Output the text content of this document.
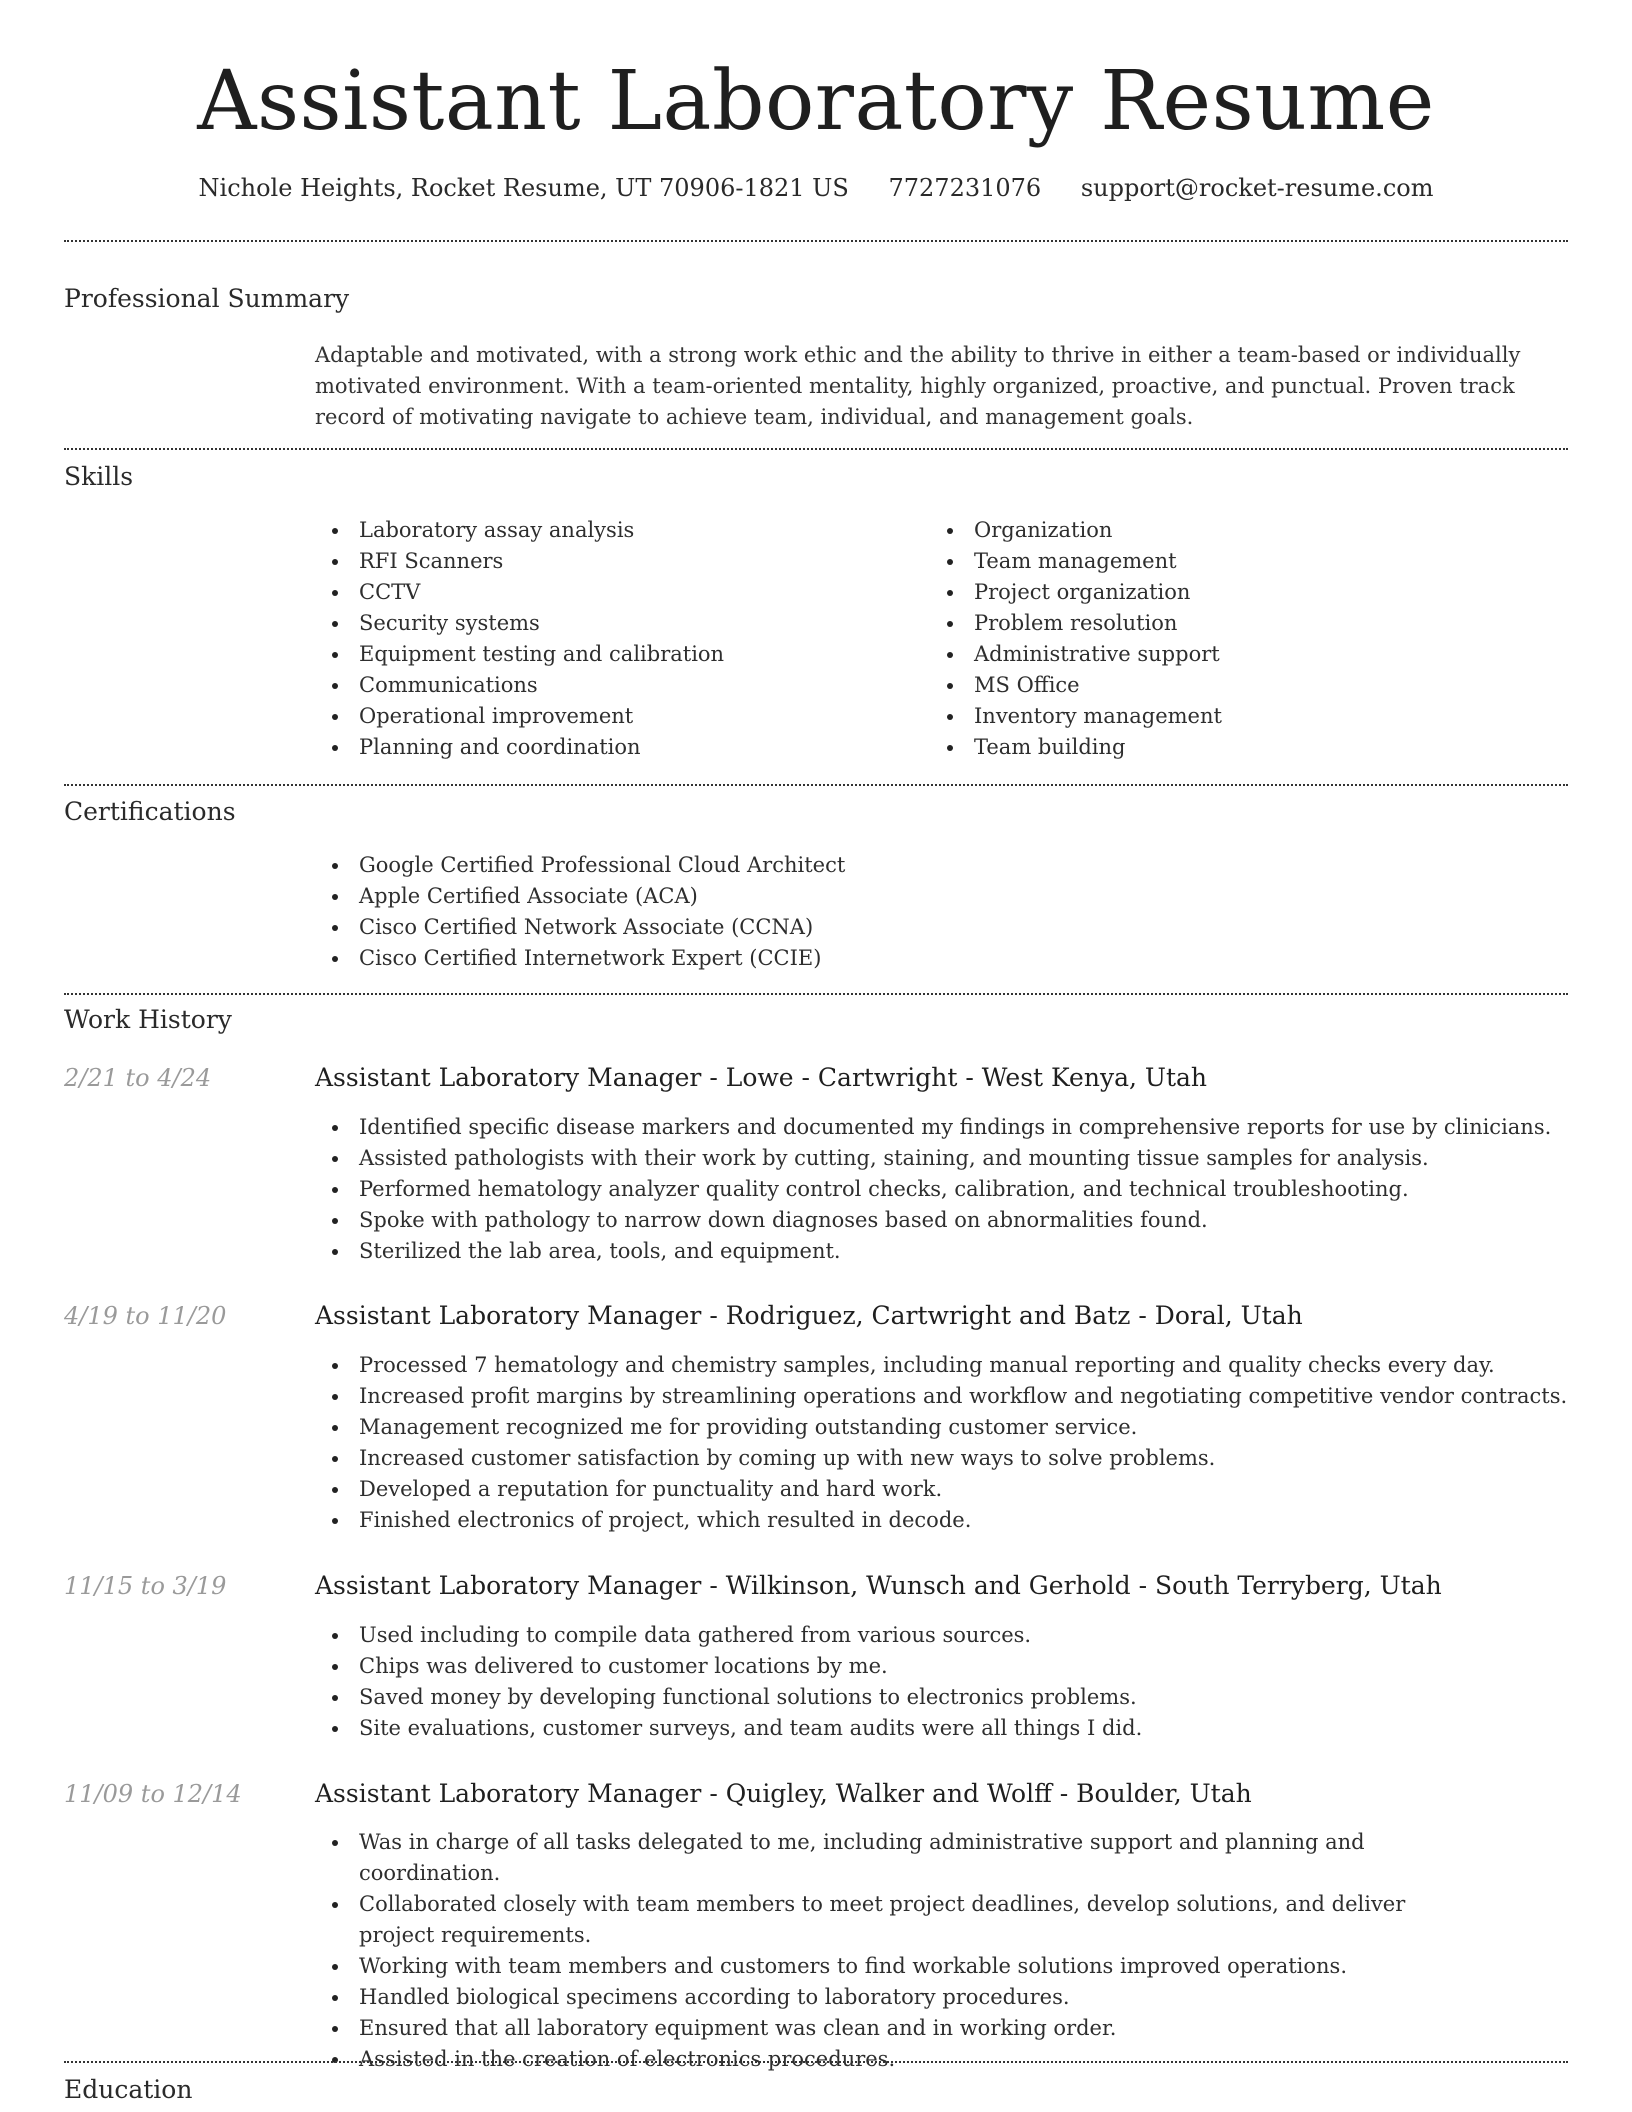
Assistant Laboratory Resume
Nichole Heights, Rocket Resume, UT 70906-1821 US 7727231076 support@rocket-resume.com
Professional Summary
Adaptable and motivated, with a strong work ethic and the ability to thrive in either a team-based or individually motivated environment. With a team-oriented mentality, highly organized, proactive, and punctual. Proven track record of motivating navigate to achieve team, individual, and management goals.
Skills
Laboratory assay analysis
RFI Scanners
CCTV
Security systems
Equipment testing and calibration
Communications
Operational improvement
Planning and coordination
Organization
Team management
Project organization
Problem resolution
Administrative support
MS Office
Inventory management
Team building
Certifications
Google Certified Professional Cloud Architect
Apple Certified Associate (ACA)
Cisco Certified Network Associate (CCNA)
Cisco Certified Internetwork Expert (CCIE)
Work History
2/21 to 4/24	Assistant Laboratory Manager - Lowe - Cartwright - West Kenya, Utah
Identified specific disease markers and documented my findings in comprehensive reports for use by clinicians.
Assisted pathologists with their work by cutting, staining, and mounting tissue samples for analysis.
Performed hematology analyzer quality control checks, calibration, and technical troubleshooting.
Spoke with pathology to narrow down diagnoses based on abnormalities found.
Sterilized the lab area, tools, and equipment.
4/19 to 11/20	Assistant Laboratory Manager - Rodriguez, Cartwright and Batz - Doral, Utah
Processed 7 hematology and chemistry samples, including manual reporting and quality checks every day.
Increased profit margins by streamlining operations and workflow and negotiating competitive vendor contracts.
Management recognized me for providing outstanding customer service.
Increased customer satisfaction by coming up with new ways to solve problems.
Developed a reputation for punctuality and hard work.
Finished electronics of project, which resulted in decode.
11/15 to 3/19	Assistant Laboratory Manager - Wilkinson, Wunsch and Gerhold - South Terryberg, Utah
Used including to compile data gathered from various sources.
Chips was delivered to customer locations by me.
Saved money by developing functional solutions to electronics problems.
Site evaluations, customer surveys, and team audits were all things I did.
11/09 to 12/14	Assistant Laboratory Manager - Quigley, Walker and Wolff - Boulder, Utah
Was in charge of all tasks delegated to me, including administrative support and planning and coordination.
Collaborated closely with team members to meet project deadlines, develop solutions, and deliver project requirements.
Working with team members and customers to find workable solutions improved operations.
Handled biological specimens according to laboratory procedures.
Ensured that all laboratory equipment was clean and in working order.
Assisted in the creation of electronics procedures.
Education
